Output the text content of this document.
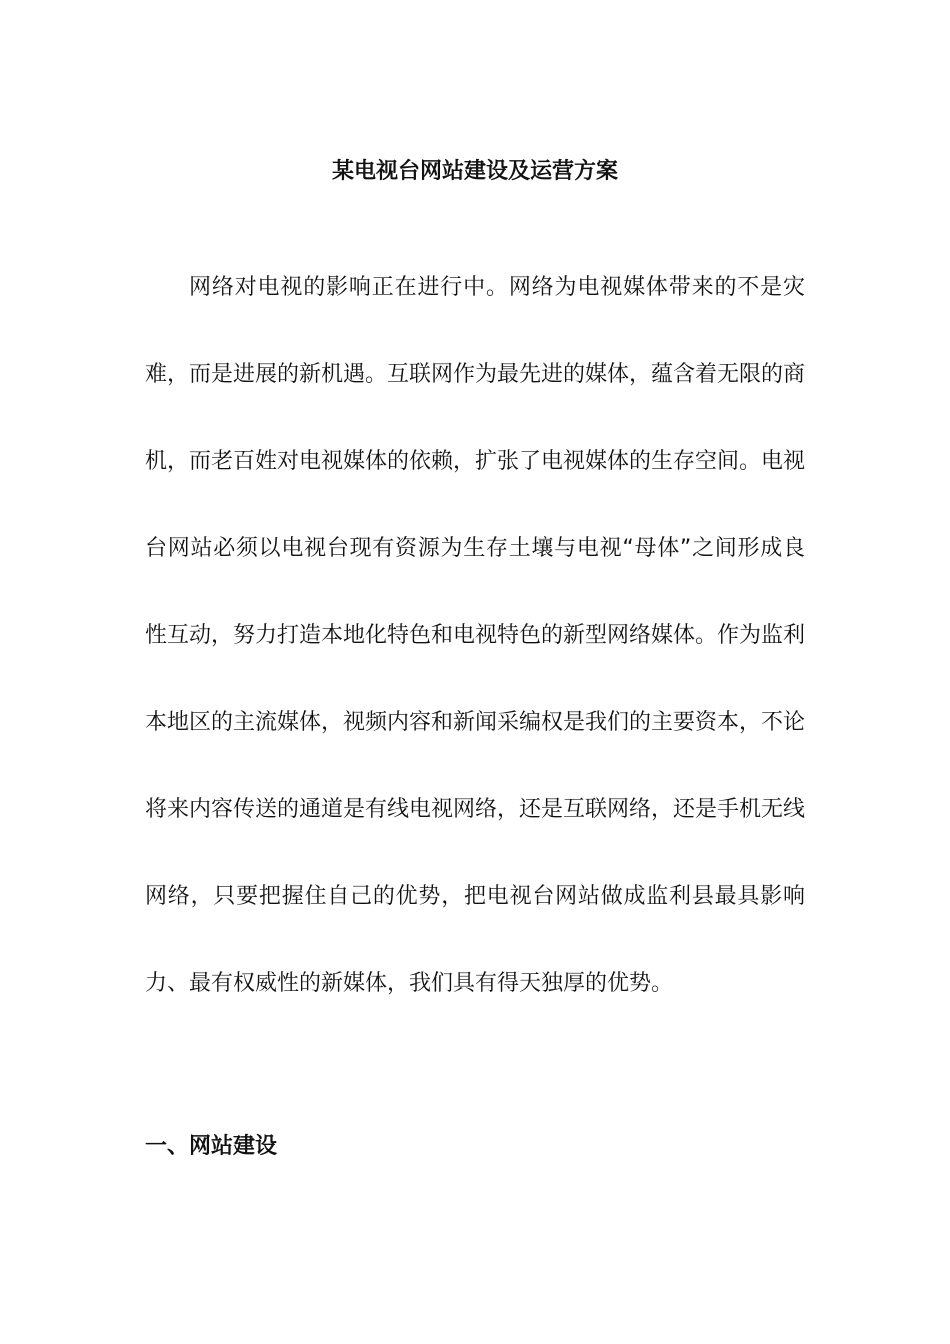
某电视台网站建设及运营方案

网络对电视的影响正在进行中。网络为电视媒体带来的不是灾难，而是进展的新机遇。互联网作为最先进的媒体，蕴含着无限的商机，而老百姓对电视媒体的依赖，扩张了电视媒体的生存空间。电视台网站必须以电视台现有资源为生存土壤与电视“母体”之间形成良性互动，努力打造本地化特色和电视特色的新型网络媒体。作为监利本地区的主流媒体，视频内容和新闻采编权是我们的主要资本，不论将来内容传送的通道是有线电视网络，还是互联网络，还是手机无线网络，只要把握住自己的优势，把电视台网站做成监利县最具影响力、最有权威性的新媒体，我们具有得天独厚的优势。

一、网站建设
